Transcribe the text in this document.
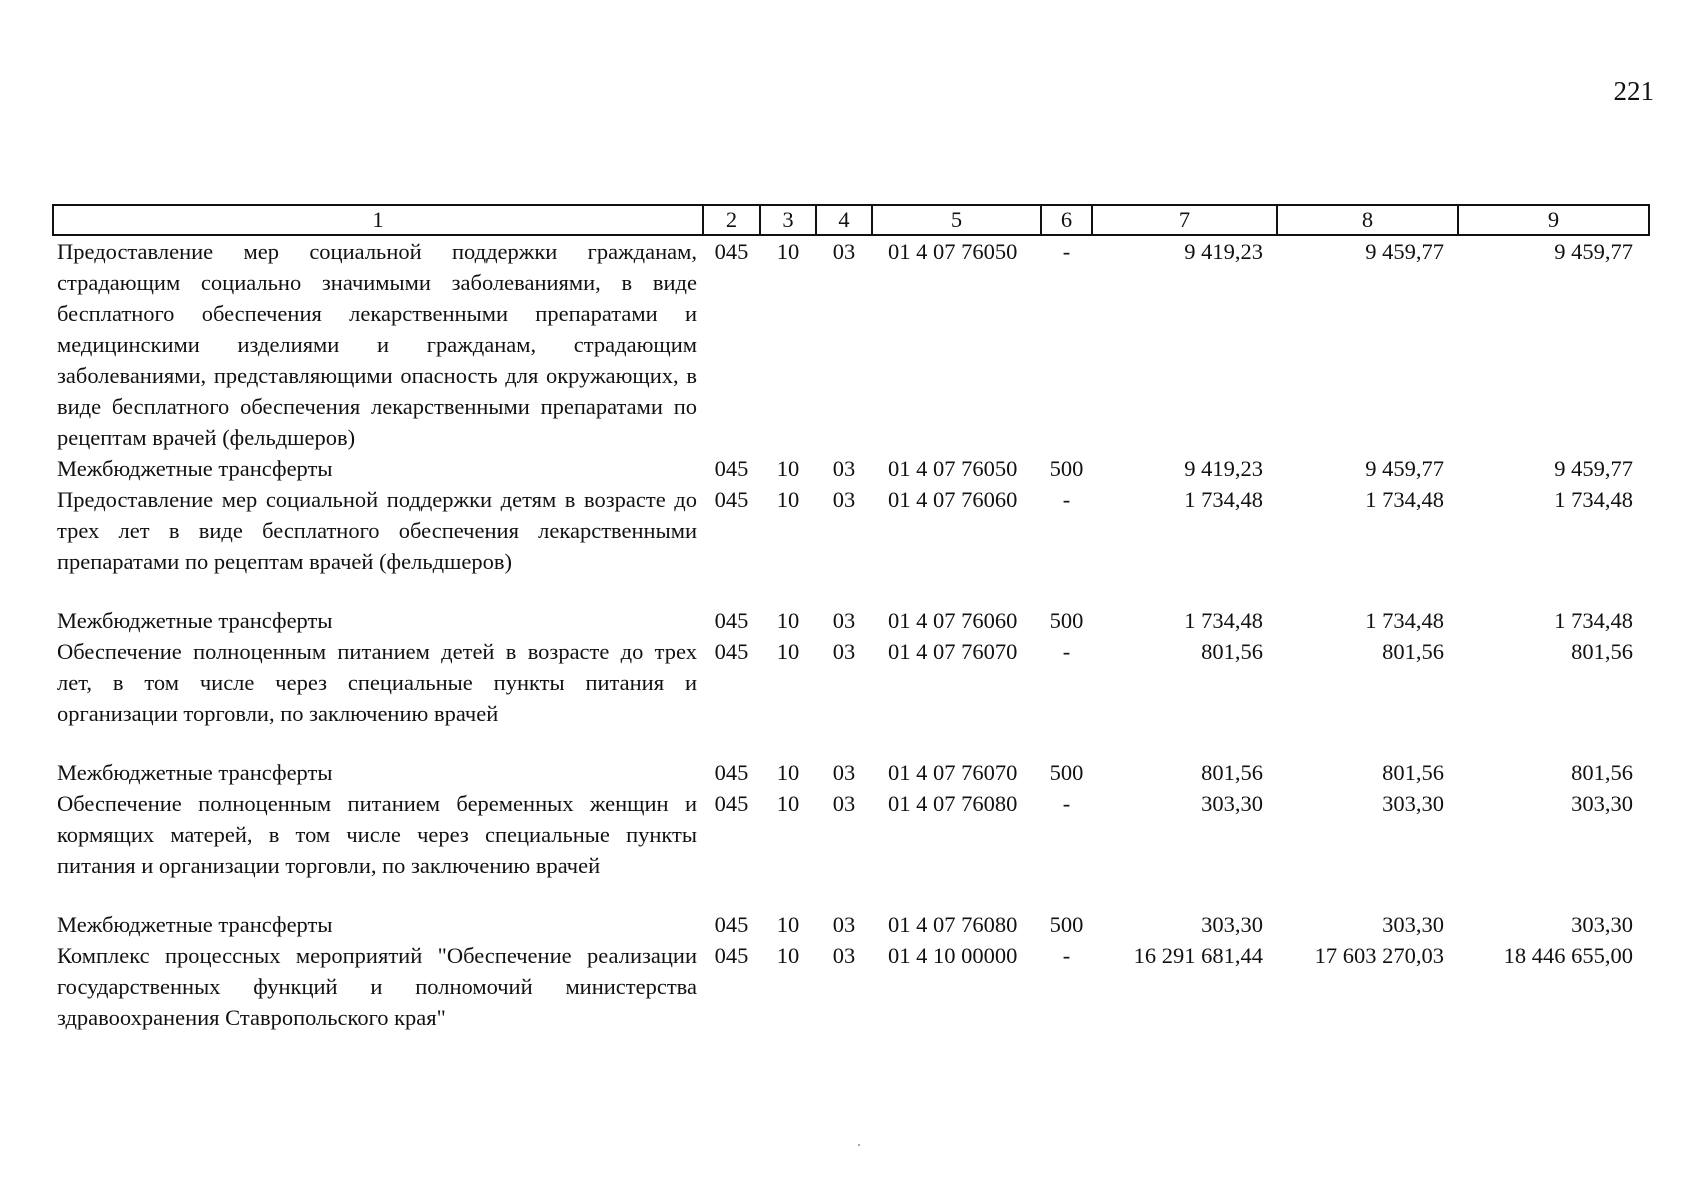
221
1	2	3	4	5	6	7	8	9
Предоставление мер социальной поддержки гражданам, страдающим социально значимыми заболеваниями, в виде бесплатного обеспечения лекарственными препаратами и медицинскими изделиями и гражданам, страдающим заболеваниями, представляющими опасность для окружающих, в виде бесплатного обеспечения лекарственными препаратами по рецептам врачей (фельдшеров)	045	10	03	01 4 07 76050	-	9 419,23	9 459,77	9 459,77
Межбюджетные трансферты	045	10	03	01 4 07 76050	500	9 419,23	9 459,77	9 459,77
Предоставление мер социальной поддержки детям в возрасте до трех лет в виде бесплатного обеспечения лекарственными препаратами по рецептам врачей (фельдшеров)	045	10	03	01 4 07 76060	-	1 734,48	1 734,48	1 734,48

Межбюджетные трансферты	045	10	03	01 4 07 76060	500	1 734,48	1 734,48	1 734,48
Обеспечение полноценным питанием детей в возрасте до трех лет, в том числе через специальные пункты питания и организации торговли, по заключению врачей	045	10	03	01 4 07 76070	-	801,56	801,56	801,56

Межбюджетные трансферты	045	10	03	01 4 07 76070	500	801,56	801,56	801,56
Обеспечение полноценным питанием беременных женщин и кормящих матерей, в том числе через специальные пункты питания и организации торговли, по заключению врачей	045	10	03	01 4 07 76080	-	303,30	303,30	303,30

Межбюджетные трансферты	045	10	03	01 4 07 76080	500	303,30	303,30	303,30
Комплекс процессных мероприятий "Обеспечение реализации государственных функций и полномочий министерства здравоохранения Ставропольского края"	045	10	03	01 4 10 00000	-	16 291 681,44	17 603 270,03	18 446 655,00
